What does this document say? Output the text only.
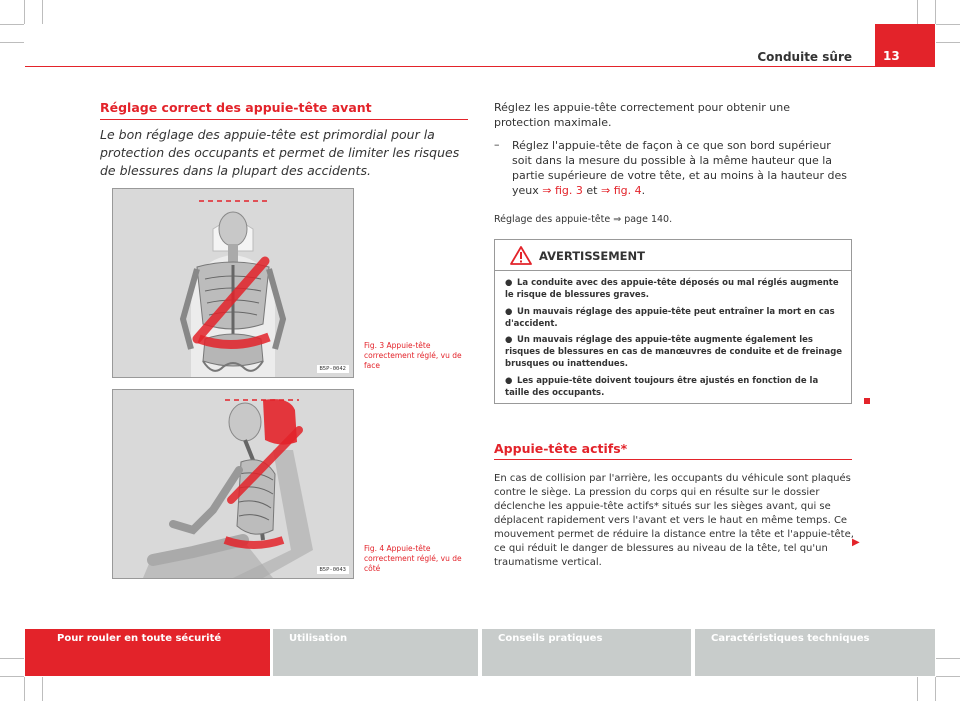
Conduite sûre	13
Réglage correct des appuie-tête avant
Le bon réglage des appuie-tête est primordial pour la protection des occupants et permet de limiter les risques de blessures dans la plupart des accidents.
B5P-0042
Fig. 3 Appuie-tête correctement réglé, vu de face
B5P-0043
Fig. 4 Appuie-tête correctement réglé, vu de côté
Réglez les appuie-tête correctement pour obtenir une protection maximale.
– Réglez l'appuie-tête de façon à ce que son bord supérieur soit dans la mesure du possible à la même hauteur que la partie supérieure de votre tête, et au moins à la hauteur des yeux ⇒ fig. 3 et ⇒ fig. 4.
Réglage des appuie-tête ⇒ page 140.
AVERTISSEMENT
● La conduite avec des appuie-tête déposés ou mal réglés augmente le risque de blessures graves.
● Un mauvais réglage des appuie-tête peut entraîner la mort en cas d'accident.
● Un mauvais réglage des appuie-tête augmente également les risques de blessures en cas de manœuvres de conduite et de freinage brusques ou inattendues.
● Les appuie-tête doivent toujours être ajustés en fonction de la taille des occupants.
Appuie-tête actifs*
En cas de collision par l'arrière, les occupants du véhicule sont plaqués contre le siège. La pression du corps qui en résulte sur le dossier déclenche les appuie-tête actifs* situés sur les sièges avant, qui se déplacent rapidement vers l'avant et vers le haut en même temps. Ce mouvement permet de réduire la distance entre la tête et l'appuie-tête, ce qui réduit le danger de blessures au niveau de la tête, tel qu'un traumatisme vertical.
▶
Pour rouler en toute sécurité	Utilisation	Conseils pratiques	Caractéristiques techniques
